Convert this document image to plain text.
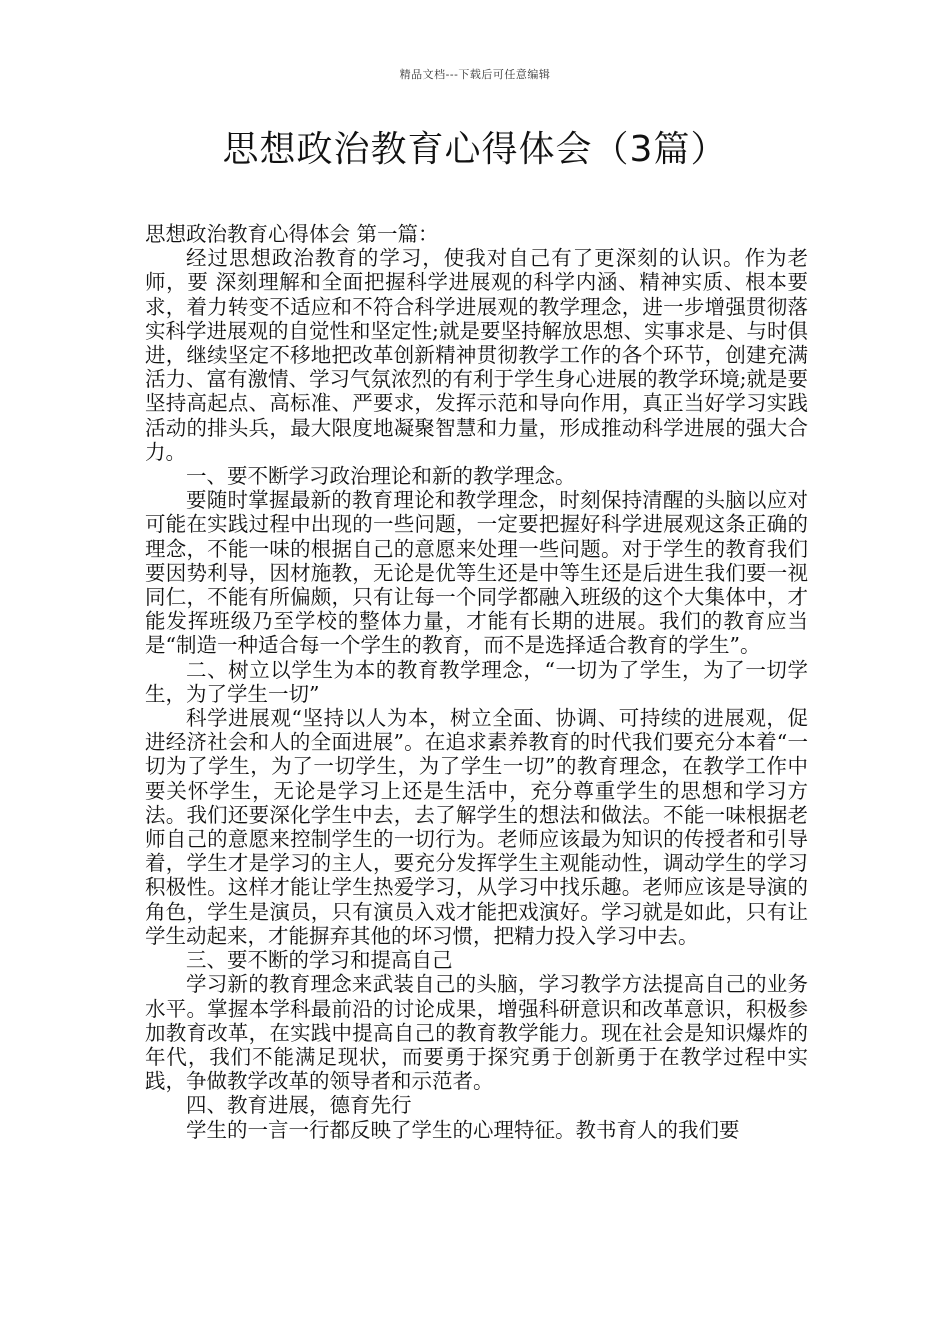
精品文档---下载后可任意编辑
思想政治教育心得体会（3篇）

思想政治教育心得体会 第一篇：

经过思想政治教育的学习，使我对自己有了更深刻的认识。作为老师，要 深刻理解和全面把握科学进展观的科学内涵、精神实质、根本要求，着力转变不适应和不符合科学进展观的教学理念，进一步增强贯彻落实科学进展观的自觉性和坚定性;就是要坚持解放思想、实事求是、与时俱进，继续坚定不移地把改革创新精神贯彻教学工作的各个环节，创建充满活力、富有激情、学习气氛浓烈的有利于学生身心进展的教学环境;就是要坚持高起点、高标准、严要求，发挥示范和导向作用，真正当好学习实践活动的排头兵，最大限度地凝聚智慧和力量，形成推动科学进展的强大合力。

一、要不断学习政治理论和新的教学理念。

要随时掌握最新的教育理论和教学理念，时刻保持清醒的头脑以应对可能在实践过程中出现的一些问题，一定要把握好科学进展观这条正确的理念，不能一味的根据自己的意愿来处理一些问题。对于学生的教育我们要因势利导，因材施教，无论是优等生还是中等生还是后进生我们要一视同仁，不能有所偏颇，只有让每一个同学都融入班级的这个大集体中，才能发挥班级乃至学校的整体力量，才能有长期的进展。我们的教育应当是“制造一种适合每一个学生的教育，而不是选择适合教育的学生”。

二、树立以学生为本的教育教学理念，“一切为了学生，为了一切学生，为了学生一切”

科学进展观“坚持以人为本，树立全面、协调、可持续的进展观，促进经济社会和人的全面进展”。在追求素养教育的时代我们要充分本着“一切为了学生，为了一切学生，为了学生一切”的教育理念，在教学工作中要关怀学生，无论是学习上还是生活中，充分尊重学生的思想和学习方法。我们还要深化学生中去，去了解学生的想法和做法。不能一味根据老师自己的意愿来控制学生的一切行为。老师应该最为知识的传授者和引导着，学生才是学习的主人，要充分发挥学生主观能动性，调动学生的学习积极性。这样才能让学生热爱学习，从学习中找乐趣。老师应该是导演的角色，学生是演员，只有演员入戏才能把戏演好。学习就是如此，只有让学生动起来，才能摒弃其他的坏习惯，把精力投入学习中去。

三、要不断的学习和提高自己

学习新的教育理念来武装自己的头脑，学习教学方法提高自己的业务水平。掌握本学科最前沿的讨论成果，增强科研意识和改革意识，积极参加教育改革，在实践中提高自己的教育教学能力。现在社会是知识爆炸的年代，我们不能满足现状，而要勇于探究勇于创新勇于在教学过程中实践，争做教学改革的领导者和示范者。

四、教育进展，德育先行

学生的一言一行都反映了学生的心理特征。教书育人的我们要
